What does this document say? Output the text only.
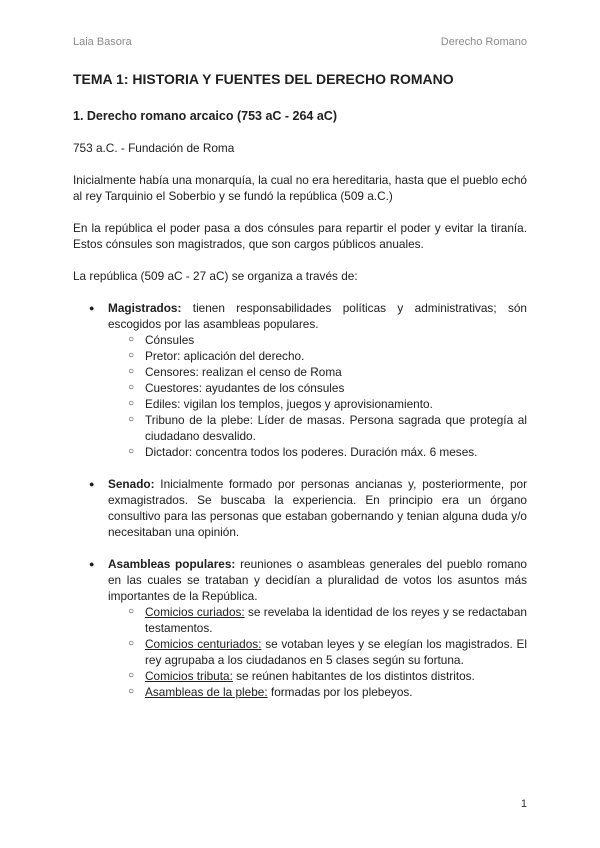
Laia Basora	Derecho Romano
TEMA 1: HISTORIA Y FUENTES DEL DERECHO ROMANO
1. Derecho romano arcaico (753 aC - 264 aC)

753 a.C. - Fundación de Roma

Inicialmente había una monarquía, la cual no era hereditaria, hasta que el pueblo echó al rey Tarquinio el Soberbio y se fundó la república (509 a.C.)

En la república el poder pasa a dos cónsules para repartir el poder y evitar la tiranía. Estos cónsules son magistrados, que son cargos públicos anuales.

La república (509 aC - 27 aC) se organiza a través de:

● Magistrados: tienen responsabilidades políticas y administrativas; són escogidos por las asambleas populares.
○ Cónsules
○ Pretor: aplicación del derecho.
○ Censores: realizan el censo de Roma
○ Cuestores: ayudantes de los cónsules
○ Ediles: vigilan los templos, juegos y aprovisionamiento.
○ Tribuno de la plebe: Líder de masas. Persona sagrada que protegía al ciudadano desvalido.
○ Dictador: concentra todos los poderes. Duración máx. 6 meses.
● Senado: Inicialmente formado por personas ancianas y, posteriormente, por exmagistrados. Se buscaba la experiencia. En principio era un órgano consultivo para las personas que estaban gobernando y tenian alguna duda y/o necesitaban una opinión.
● Asambleas populares: reuniones o asambleas generales del pueblo romano en las cuales se trataban y decidían a pluralidad de votos los asuntos más importantes de la República.
○ Comicios curiados: se revelaba la identidad de los reyes y se redactaban testamentos.
○ Comicios centuriados: se votaban leyes y se elegían los magistrados. El rey agrupaba a los ciudadanos en 5 clases según su fortuna.
○ Comicios tributa: se reúnen habitantes de los distintos distritos.
○ Asambleas de la plebe: formadas por los plebeyos.
1
